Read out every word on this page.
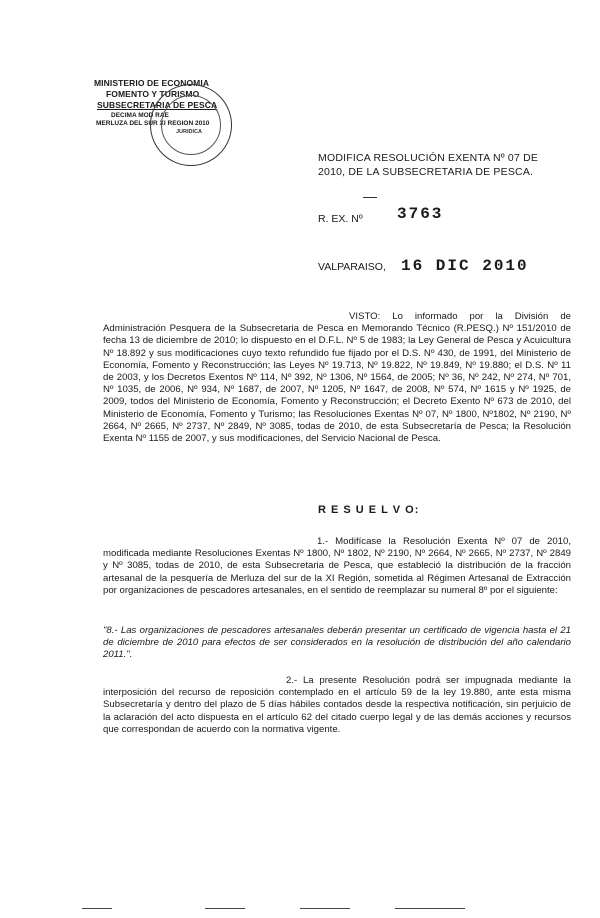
MINISTERIO DE ECONOMIA
FOMENTO Y TURISMO
SUBSECRETARIA DE PESCA
DECIMA MOD RAE
MERLUZA DEL SUR XI REGION 2010
JURIDICA
MODIFICA RESOLUCIÓN EXENTA Nº 07 DE
2010, DE LA SUBSECRETARIA DE PESCA.
R. EX. Nº 3763
VALPARAISO, 16 DIC 2010
VISTO: Lo informado por la División de Administración Pesquera de la Subsecretaria de Pesca en Memorando Técnico (R.PESQ.) Nº 151/2010 de fecha 13 de diciembre de 2010; lo dispuesto en el D.F.L. Nº 5 de 1983; la Ley General de Pesca y Acuicultura Nº 18.892 y sus modificaciones cuyo texto refundido fue fijado por el D.S. Nº 430, de 1991, del Ministerio de Economía, Fomento y Reconstrucción; las Leyes Nº 19.713, Nº 19.822, Nº 19.849, Nº 19.880; el D.S. Nº 11 de 2003, y los Decretos Exentos Nº 114, Nº 392, Nº 1306, Nº 1564, de 2005; Nº 36, Nº 242, Nº 274, Nº 701, Nº 1035, de 2006, Nº 934, Nº 1687, de 2007, Nº 1205, Nº 1647, de 2008, Nº 574, Nº 1615 y Nº 1925, de 2009, todos del Ministerio de Economía, Fomento y Reconstrucción; el Decreto Exento Nº 673 de 2010, del Ministerio de Economía, Fomento y Turismo; las Resoluciones Exentas Nº 07, Nº 1800, Nº1802, Nº 2190, Nº 2664, Nº 2665, Nº 2737, Nº 2849, Nº 3085, todas de 2010, de esta Subsecretaría de Pesca; la Resolución Exenta Nº 1155 de 2007, y sus modificaciones, del Servicio Nacional de Pesca.
R E S U E L V O:
1.- Modifícase la Resolución Exenta Nº 07 de 2010, modificada mediante Resoluciones Exentas Nº 1800, Nº 1802, Nº 2190, Nº 2664, Nº 2665, Nº 2737, Nº 2849 y Nº 3085, todas de 2010, de esta Subsecretaria de Pesca, que estableció la distribución de la fracción artesanal de la pesquería de Merluza del sur de la XI Región, sometida al Régimen Artesanal de Extracción por organizaciones de pescadores artesanales, en el sentido de reemplazar su numeral 8º por el siguiente:
"8.- Las organizaciones de pescadores artesanales deberán presentar un certificado de vigencia hasta el 21 de diciembre de 2010 para efectos de ser considerados en la resolución de distribución del año calendario 2011.".
2.- La presente Resolución podrá ser impugnada mediante la interposición del recurso de reposición contemplado en el artículo 59 de la ley 19.880, ante esta misma Subsecretaría y dentro del plazo de 5 días hábiles contados desde la respectiva notificación, sin perjuicio de la aclaración del acto dispuesta en el artículo 62 del citado cuerpo legal y de las demás acciones y recursos que correspondan de acuerdo con la normativa vigente.
